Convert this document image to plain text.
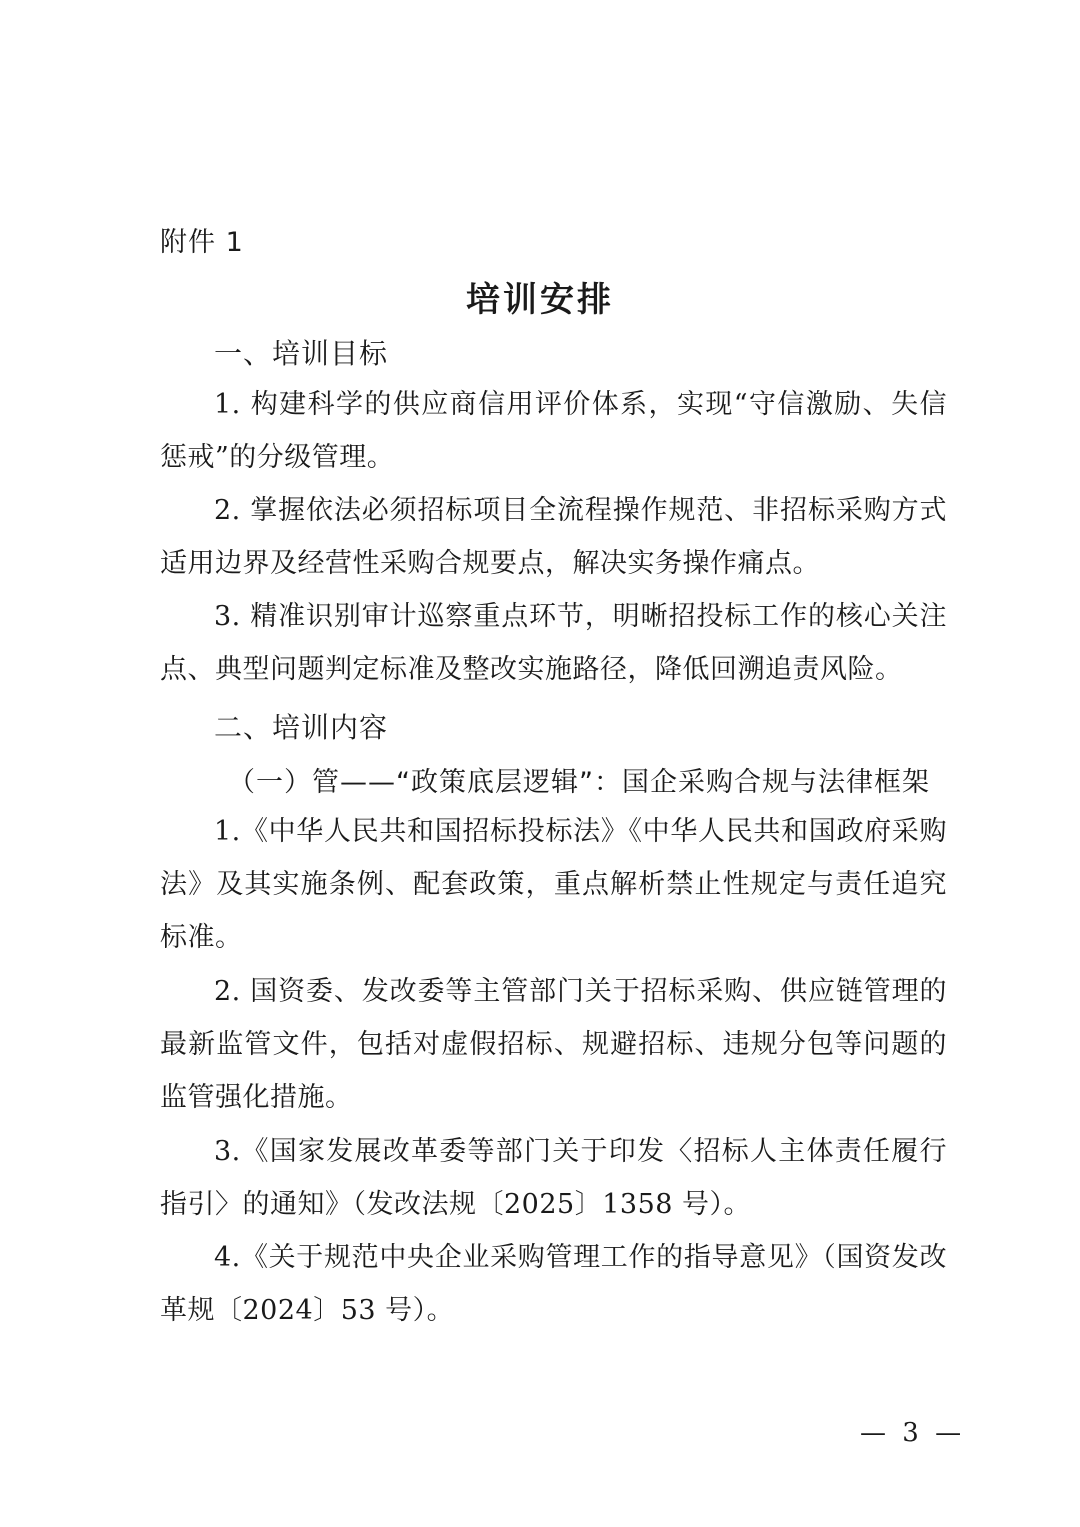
附件 1
培训安排
一、培训目标
1. 构建科学的供应商信用评价体系，实现“守信激励、失信惩戒”的分级管理。
2. 掌握依法必须招标项目全流程操作规范、非招标采购方式适用边界及经营性采购合规要点，解决实务操作痛点。
3. 精准识别审计巡察重点环节，明晰招投标工作的核心关注点、典型问题判定标准及整改实施路径，降低回溯追责风险。
二、培训内容
（一）管——“政策底层逻辑”：国企采购合规与法律框架
1.《中华人民共和国招标投标法》《中华人民共和国政府采购法》及其实施条例、配套政策，重点解析禁止性规定与责任追究标准。
2. 国资委、发改委等主管部门关于招标采购、供应链管理的最新监管文件，包括对虚假招标、规避招标、违规分包等问题的监管强化措施。
3.《国家发展改革委等部门关于印发〈招标人主体责任履行指引〉的通知》（发改法规〔2025〕1358 号）。
4.《关于规范中央企业采购管理工作的指导意见》（国资发改革规〔2024〕53 号）。
— 3 —
